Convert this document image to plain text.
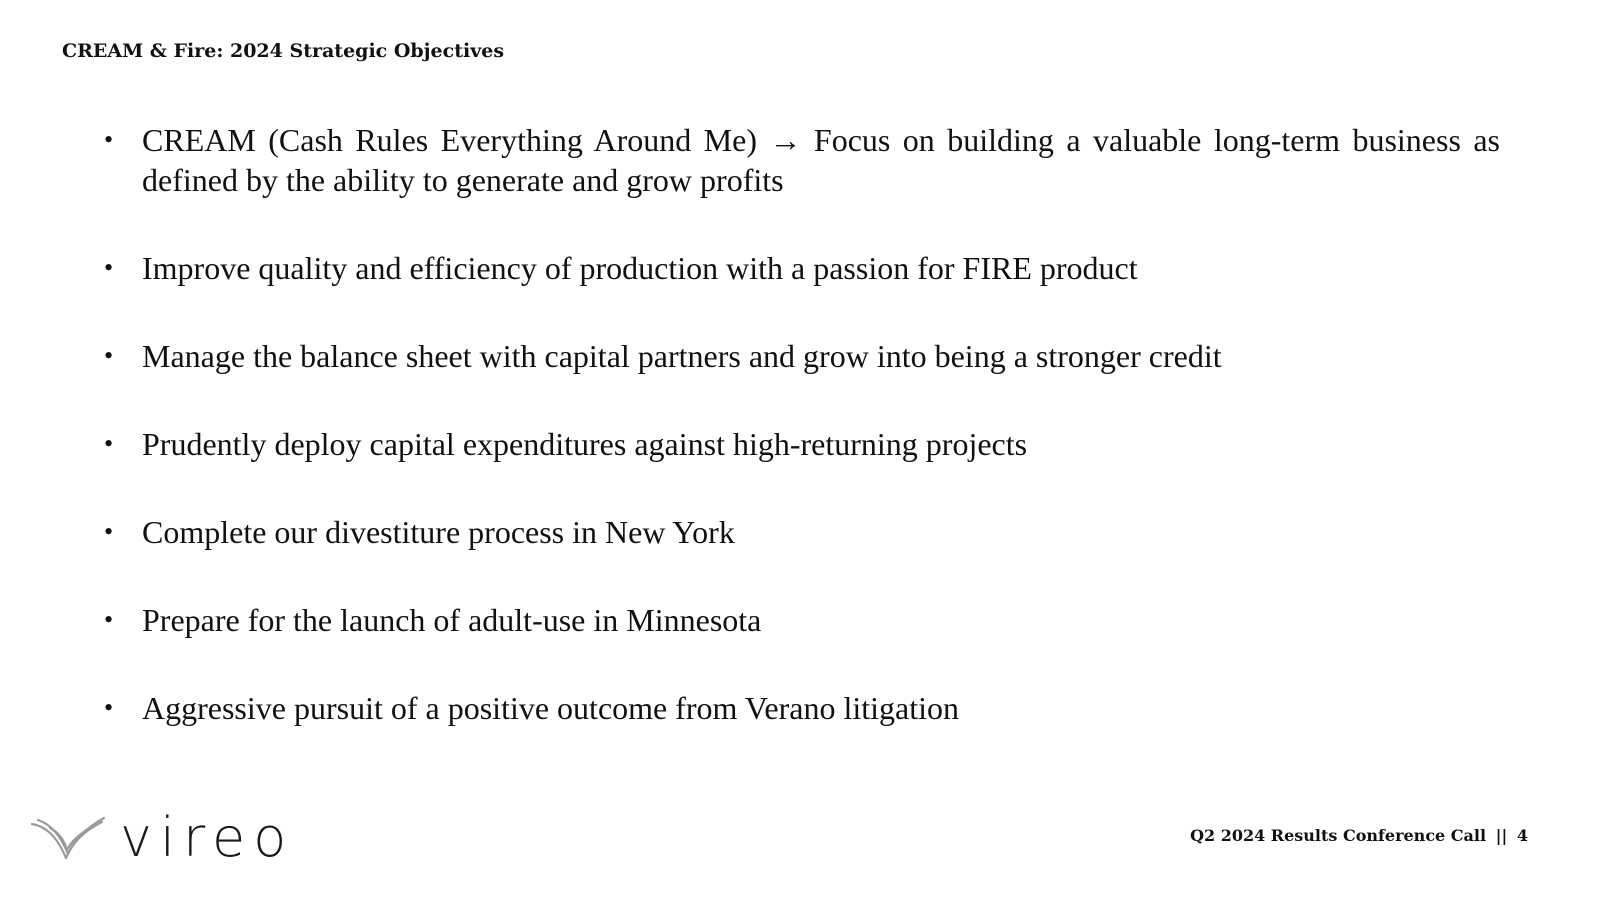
CREAM & Fire: 2024 Strategic Objectives
• CREAM (Cash Rules Everything Around Me) → Focus on building a valuable long-term business as defined by the ability to generate and grow profits
• Improve quality and efficiency of production with a passion for FIRE product
• Manage the balance sheet with capital partners and grow into being a stronger credit
• Prudently deploy capital expenditures against high-returning projects
• Complete our divestiture process in New York
• Prepare for the launch of adult-use in Minnesota
• Aggressive pursuit of a positive outcome from Verano litigation
vireo	Q2 2024 Results Conference Call || 4
